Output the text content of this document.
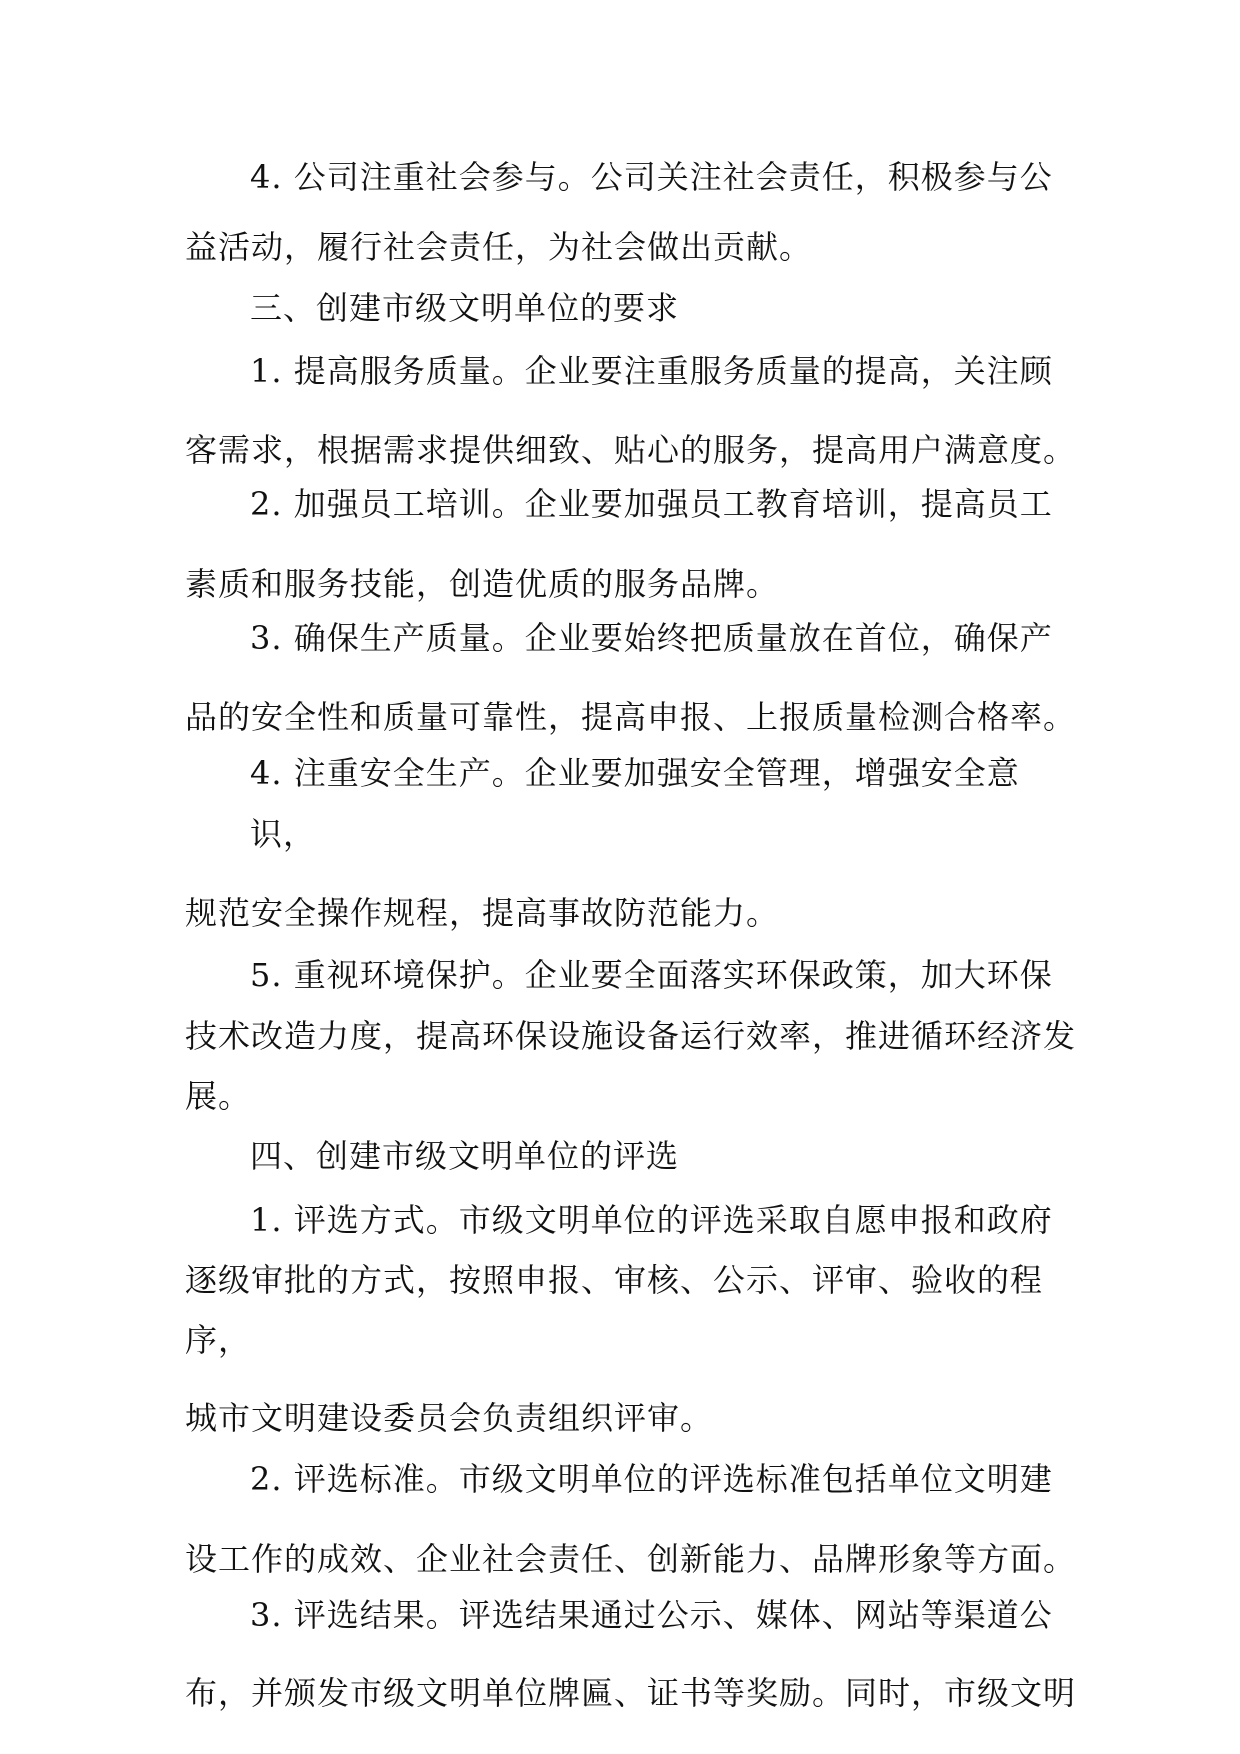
4. 公司注重社会参与。公司关注社会责任，积极参与公

益活动，履行社会责任，为社会做出贡献。

三、创建市级文明单位的要求

1. 提高服务质量。企业要注重服务质量的提高，关注顾

客需求，根据需求提供细致、贴心的服务，提高用户满意度。

2. 加强员工培训。企业要加强员工教育培训，提高员工

素质和服务技能，创造优质的服务品牌。

3. 确保生产质量。企业要始终把质量放在首位，确保产

品的安全性和质量可靠性，提高申报、上报质量检测合格率。

4. 注重安全生产。企业要加强安全管理，增强安全意

识，

规范安全操作规程，提高事故防范能力。

5. 重视环境保护。企业要全面落实环保政策，加大环保

技术改造力度，提高环保设施设备运行效率，推进循环经济发

展。

四、创建市级文明单位的评选

1. 评选方式。市级文明单位的评选采取自愿申报和政府

逐级审批的方式，按照申报、审核、公示、评审、验收的程

序，

城市文明建设委员会负责组织评审。

2. 评选标准。市级文明单位的评选标准包括单位文明建

设工作的成效、企业社会责任、创新能力、品牌形象等方面。

3. 评选结果。评选结果通过公示、媒体、网站等渠道公

布，并颁发市级文明单位牌匾、证书等奖励。同时，市级文明
